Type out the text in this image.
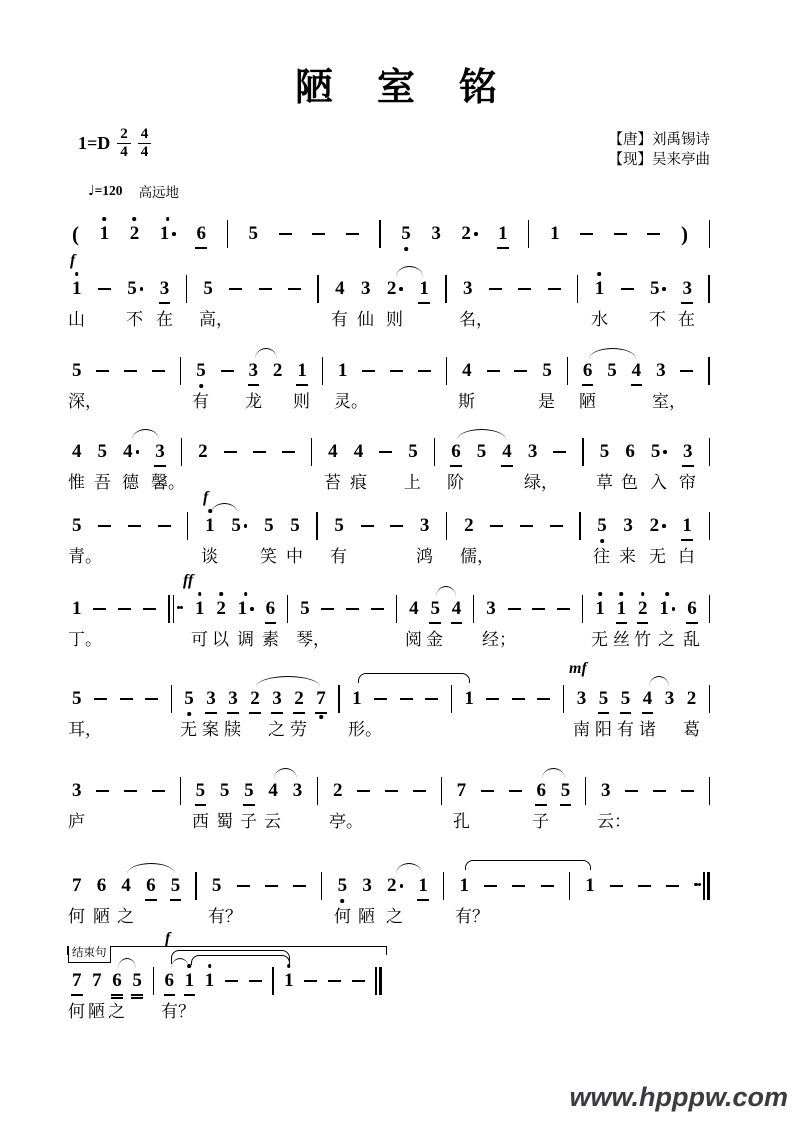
陋室铭
$1=D \frac{2}{4} \frac{4}{4}$	【唐】刘禹锡诗
【现】吴来亭曲
♩=120 高远地
( 1 2 1 6 5	5 3 2 1 1	)
1 5 3 5	4 3 2 1 3	1 5 3
山 不 在 高，	有 仙 则	名，	水 不 在
f
5	5 3 2 1 1	4	5 6 5 4 3
深，	有 龙 则 灵。	斯	是 陋	室，
4 5 4 3 2	4 4 5 6 5 4 3	5 6 5 3
惟 吾 德 馨。	苔 痕 上 阶	绿， 草 色 入 帘
5	1 5 5 5 5	3 2	5 3 2 1
青。	谈 笑 中 有	鸿 儒，	往 来 无 白
f
1	1 2 1 6 5	4 5 4 3	1 1 2 1 6
丁。	可 以 调 素 琴，	阅 金 经；	无 丝 竹 之 乱
ff
5	5 3 3 2 3 2 7 1	1	3 5 5 4 3 2
耳，	无 案 牍 之 劳 形。	南 阳 有 诸 葛
mf
3	5 5 5 4 3 2	7	6 5 3
庐	西 蜀 子 云	亭。	孔	子	云：
7 6 4 6 5 5	5 3 2 1 1	1
何 陋 之	有？	何 陋 之	有？
7 7 6 5 6 1 1	1
何 陋 之 有？
f
结束句
www.hpppw.com
